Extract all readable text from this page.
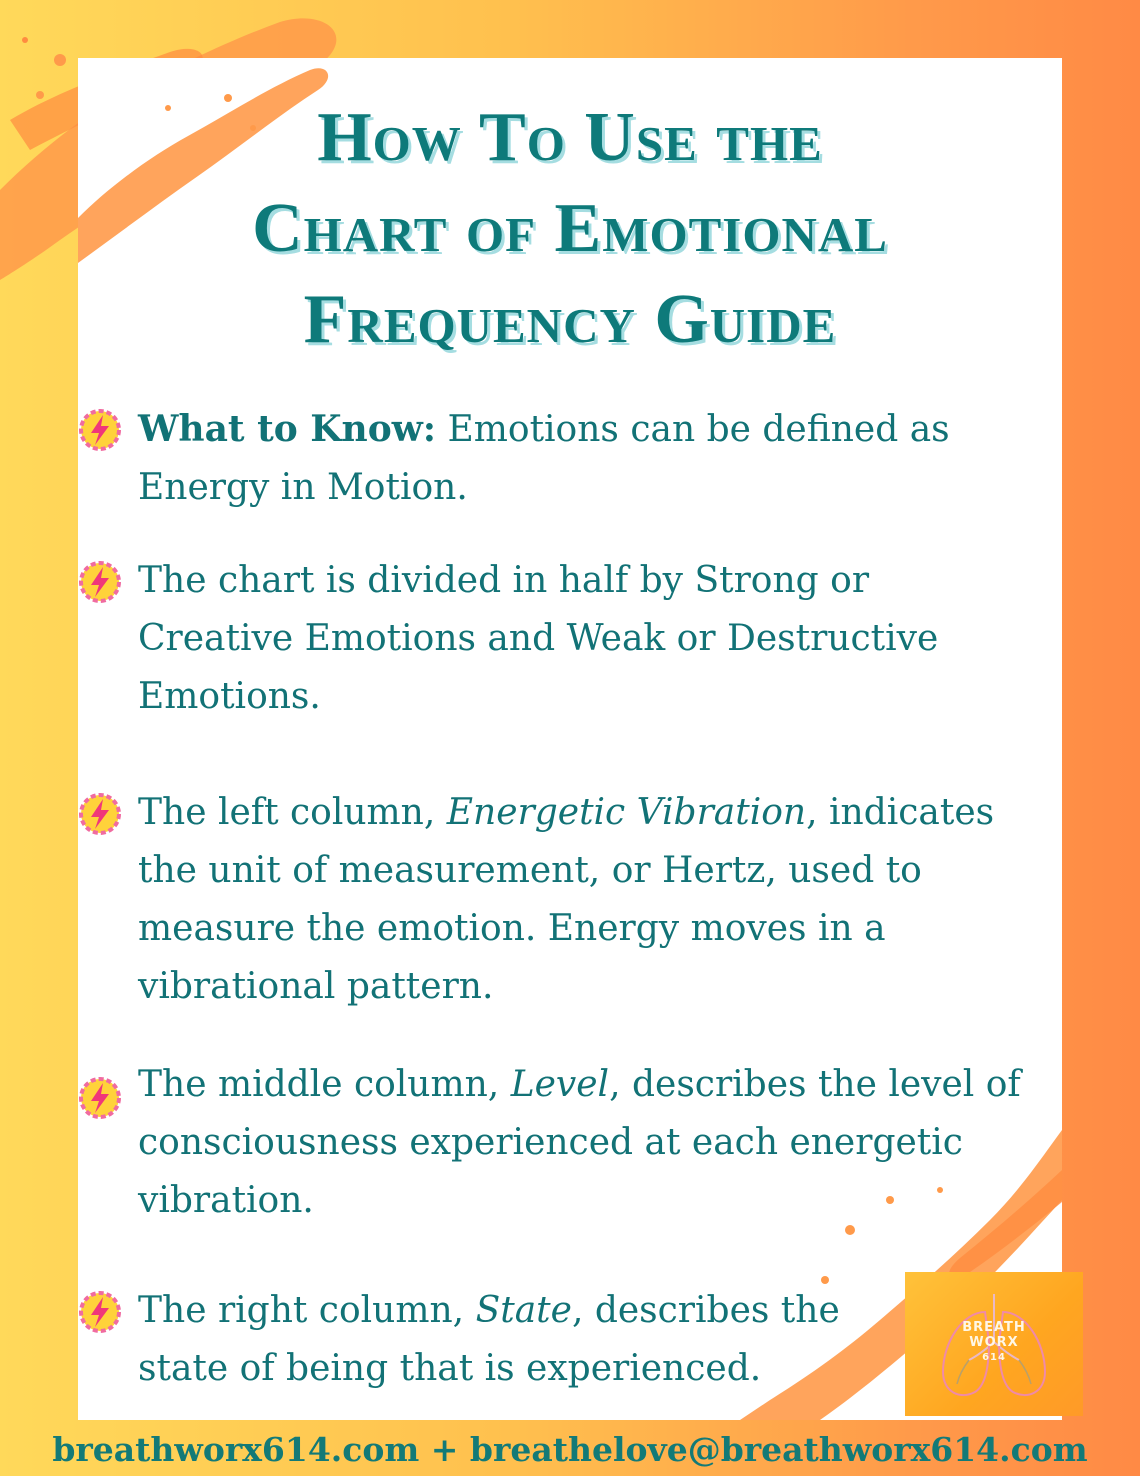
How To Use the
Chart of Emotional
Frequency Guide
What to Know: Emotions can be defined as
Energy in Motion.
The chart is divided in half by Strong or
Creative Emotions and Weak or Destructive
Emotions.
The left column, Energetic Vibration, indicates
the unit of measurement, or Hertz, used to
measure the emotion. Energy moves in a
vibrational pattern.
The middle column, Level, describes the level of
consciousness experienced at each energetic
vibration.
The right column, State, describes the
state of being that is experienced.
BREATH
WORX
614
breathworx614.com + breathelove@breathworx614.com
